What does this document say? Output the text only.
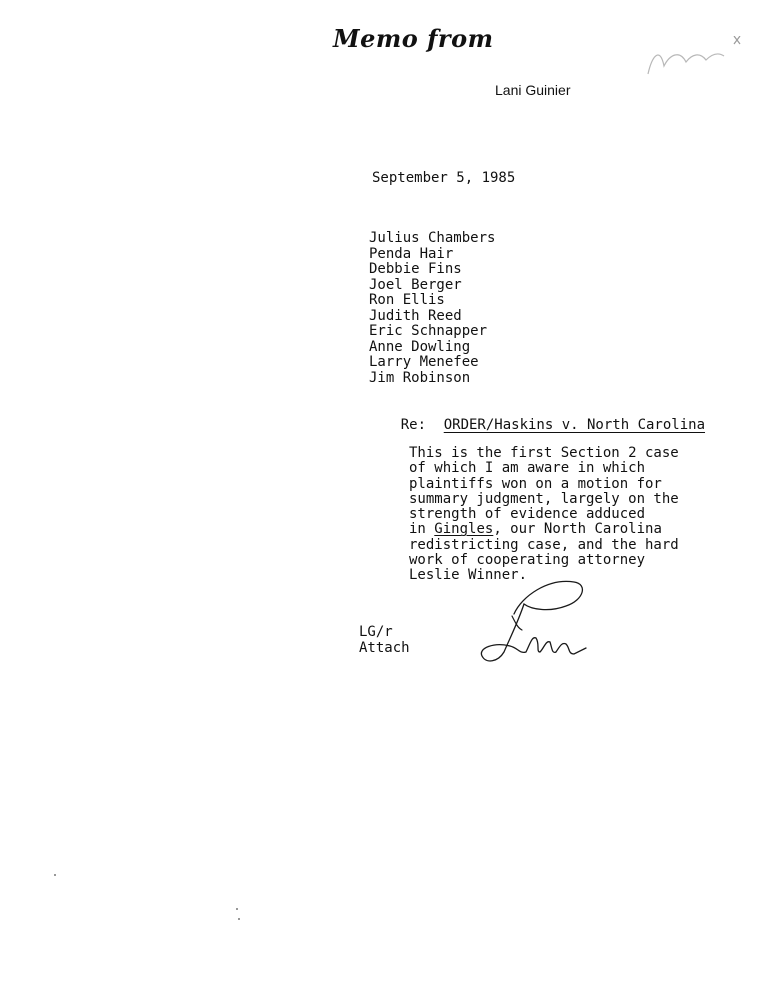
Memo from
Lani Guinier
September 5, 1985
Julius Chambers
Penda Hair
Debbie Fins
Joel Berger
Ron Ellis
Judith Reed
Eric Schnapper
Anne Dowling
Larry Menefee
Jim Robinson

Re: ORDER/Haskins v. North Carolina

This is the first Section 2 case
of which I am aware in which
plaintiffs won on a motion for
summary judgment, largely on the
strength of evidence adduced
in Gingles, our North Carolina
redistricting case, and the hard
work of cooperating attorney
Leslie Winner.
LG/r
Attach
